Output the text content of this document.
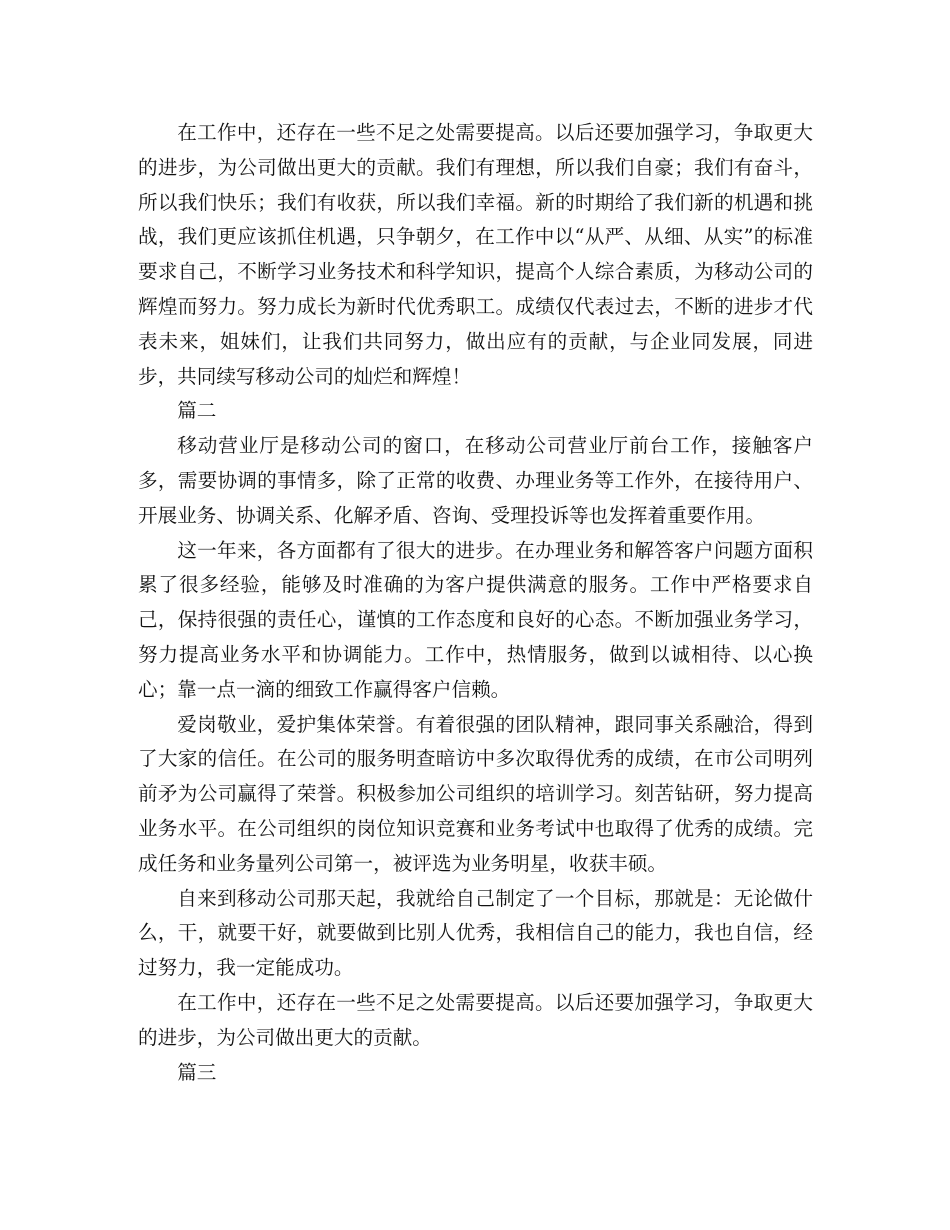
在工作中，还存在一些不足之处需要提高。以后还要加强学习，争取更大的进步，为公司做出更大的贡献。我们有理想，所以我们自豪；我们有奋斗，所以我们快乐；我们有收获，所以我们幸福。新的时期给了我们新的机遇和挑战，我们更应该抓住机遇，只争朝夕，在工作中以“从严、从细、从实”的标准要求自己，不断学习业务技术和科学知识，提高个人综合素质，为移动公司的辉煌而努力。努力成长为新时代优秀职工。成绩仅代表过去，不断的进步才代表未来，姐妹们，让我们共同努力，做出应有的贡献，与企业同发展，同进步，共同续写移动公司的灿烂和辉煌！

篇二

移动营业厅是移动公司的窗口，在移动公司营业厅前台工作，接触客户多，需要协调的事情多，除了正常的收费、办理业务等工作外，在接待用户、开展业务、协调关系、化解矛盾、咨询、受理投诉等也发挥着重要作用。

这一年来，各方面都有了很大的进步。在办理业务和解答客户问题方面积累了很多经验，能够及时准确的为客户提供满意的服务。工作中严格要求自己，保持很强的责任心，谨慎的工作态度和良好的心态。不断加强业务学习，努力提高业务水平和协调能力。工作中，热情服务，做到以诚相待、以心换心；靠一点一滴的细致工作赢得客户信赖。

爱岗敬业，爱护集体荣誉。有着很强的团队精神，跟同事关系融洽，得到了大家的信任。在公司的服务明查暗访中多次取得优秀的成绩，在市公司明列前矛为公司赢得了荣誉。积极参加公司组织的培训学习。刻苦钻研，努力提高业务水平。在公司组织的岗位知识竞赛和业务考试中也取得了优秀的成绩。完成任务和业务量列公司第一，被评选为业务明星，收获丰硕。

自来到移动公司那天起，我就给自己制定了一个目标，那就是：无论做什么，干，就要干好，就要做到比别人优秀，我相信自己的能力，我也自信，经过努力，我一定能成功。

在工作中，还存在一些不足之处需要提高。以后还要加强学习，争取更大的进步，为公司做出更大的贡献。

篇三
